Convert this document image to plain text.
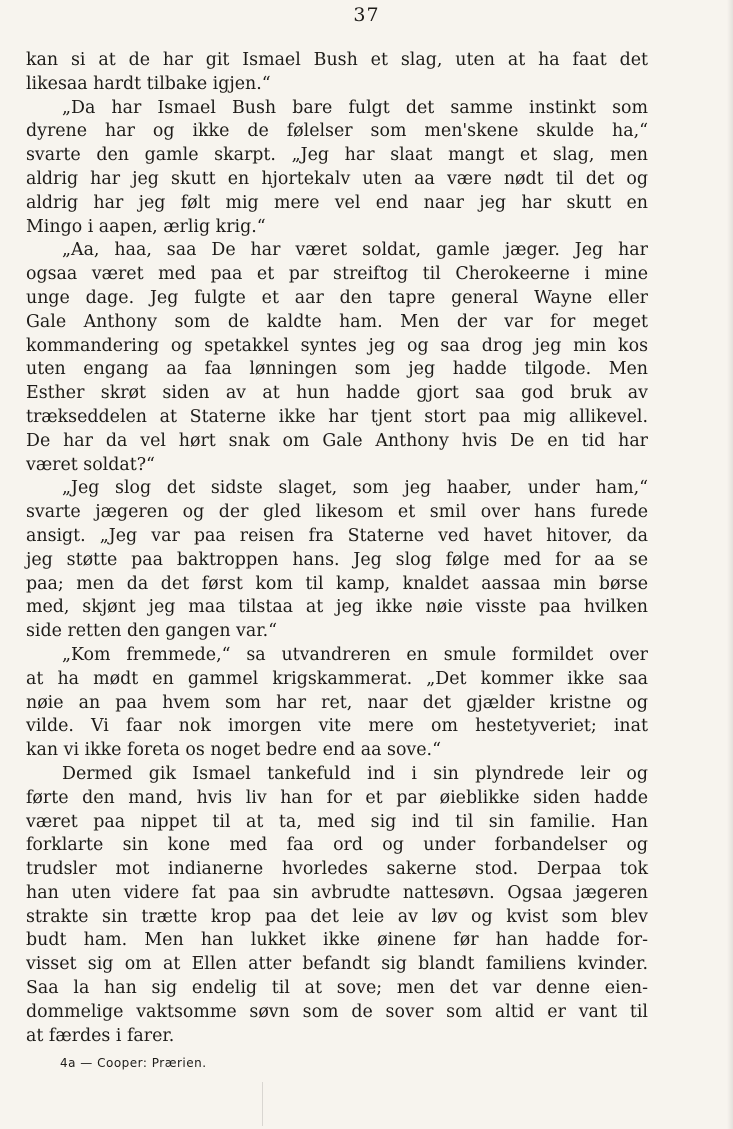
37
kan si at de har git Ismael Bush et slag, uten at ha faat det
likesaa hardt tilbake igjen.“
„Da har Ismael Bush bare fulgt det samme instinkt som
dyrene har og ikke de følelser som men'skene skulde ha,“
svarte den gamle skarpt. „Jeg har slaat mangt et slag, men
aldrig har jeg skutt en hjortekalv uten aa være nødt til det og
aldrig har jeg følt mig mere vel end naar jeg har skutt en
Mingo i aapen, ærlig krig.“
„Aa, haa, saa De har været soldat, gamle jæger. Jeg har
ogsaa været med paa et par streiftog til Cherokeerne i mine
unge dage. Jeg fulgte et aar den tapre general Wayne eller
Gale Anthony som de kaldte ham. Men der var for meget
kommandering og spetakkel syntes jeg og saa drog jeg min kos
uten engang aa faa lønningen som jeg hadde tilgode. Men
Esther skrøt siden av at hun hadde gjort saa god bruk av
trækseddelen at Staterne ikke har tjent stort paa mig allikevel.
De har da vel hørt snak om Gale Anthony hvis De en tid har
været soldat?“
„Jeg slog det sidste slaget, som jeg haaber, under ham,“
svarte jægeren og der gled likesom et smil over hans furede
ansigt. „Jeg var paa reisen fra Staterne ved havet hitover, da
jeg støtte paa baktroppen hans. Jeg slog følge med for aa se
paa; men da det først kom til kamp, knaldet aassaa min børse
med, skjønt jeg maa tilstaa at jeg ikke nøie visste paa hvilken
side retten den gangen var.“
„Kom fremmede,“ sa utvandreren en smule formildet over
at ha mødt en gammel krigskammerat. „Det kommer ikke saa
nøie an paa hvem som har ret, naar det gjælder kristne og
vilde. Vi faar nok imorgen vite mere om hestetyveriet; inat
kan vi ikke foreta os noget bedre end aa sove.“
Dermed gik Ismael tankefuld ind i sin plyndrede leir og
førte den mand, hvis liv han for et par øieblikke siden hadde
været paa nippet til at ta, med sig ind til sin familie. Han
forklarte sin kone med faa ord og under forbandelser og
trudsler mot indianerne hvorledes sakerne stod. Derpaa tok
han uten videre fat paa sin avbrudte nattesøvn. Ogsaa jægeren
strakte sin trætte krop paa det leie av løv og kvist som blev
budt ham. Men han lukket ikke øinene før han hadde for-
visset sig om at Ellen atter befandt sig blandt familiens kvinder.
Saa la han sig endelig til at sove; men det var denne eien-
dommelige vaktsomme søvn som de sover som altid er vant til
at færdes i farer.
4a — Cooper: Prærien.
